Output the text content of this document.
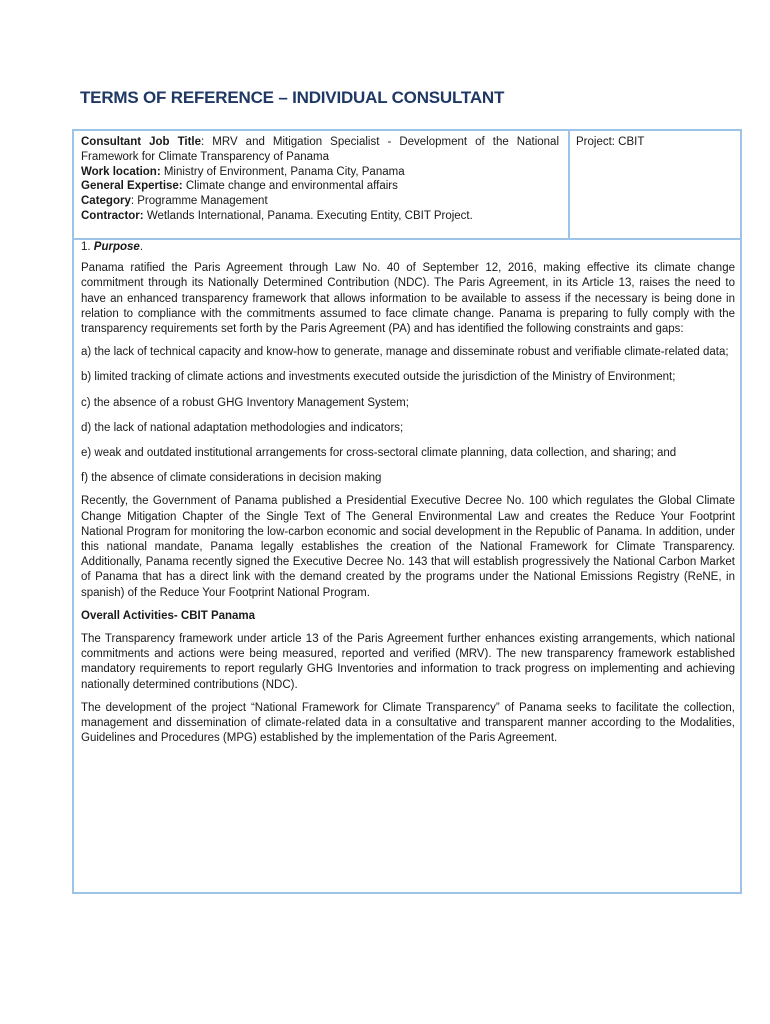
TERMS OF REFERENCE – INDIVIDUAL CONSULTANT
Consultant Job Title: MRV and Mitigation Specialist - Development of the National Framework for Climate Transparency of Panama
Work location: Ministry of Environment, Panama City, Panama
General Expertise: Climate change and environmental affairs
Category: Programme Management
Contractor: Wetlands International, Panama. Executing Entity, CBIT Project.
Project: CBIT

1. Purpose.

Panama ratified the Paris Agreement through Law No. 40 of September 12, 2016, making effective its climate change commitment through its Nationally Determined Contribution (NDC). The Paris Agreement, in its Article 13, raises the need to have an enhanced transparency framework that allows information to be available to assess if the necessary is being done in relation to compliance with the commitments assumed to face climate change. Panama is preparing to fully comply with the transparency requirements set forth by the Paris Agreement (PA) and has identified the following constraints and gaps:

a) the lack of technical capacity and know-how to generate, manage and disseminate robust and verifiable climate-related data;

b) limited tracking of climate actions and investments executed outside the jurisdiction of the Ministry of Environment;

c) the absence of a robust GHG Inventory Management System;

d) the lack of national adaptation methodologies and indicators;

e) weak and outdated institutional arrangements for cross-sectoral climate planning, data collection, and sharing; and

f) the absence of climate considerations in decision making

Recently, the Government of Panama published a Presidential Executive Decree No. 100 which regulates the Global Climate Change Mitigation Chapter of the Single Text of The General Environmental Law and creates the Reduce Your Footprint National Program for monitoring the low-carbon economic and social development in the Republic of Panama. In addition, under this national mandate, Panama legally establishes the creation of the National Framework for Climate Transparency. Additionally, Panama recently signed the Executive Decree No. 143 that will establish progressively the National Carbon Market of Panama that has a direct link with the demand created by the programs under the National Emissions Registry (ReNE, in spanish) of the Reduce Your Footprint National Program.

Overall Activities- CBIT Panama

The Transparency framework under article 13 of the Paris Agreement further enhances existing arrangements, which national commitments and actions were being measured, reported and verified (MRV). The new transparency framework established mandatory requirements to report regularly GHG Inventories and information to track progress on implementing and achieving nationally determined contributions (NDC).

The development of the project “National Framework for Climate Transparency” of Panama seeks to facilitate the collection, management and dissemination of climate-related data in a consultative and transparent manner according to the Modalities, Guidelines and Procedures (MPG) established by the implementation of the Paris Agreement.
